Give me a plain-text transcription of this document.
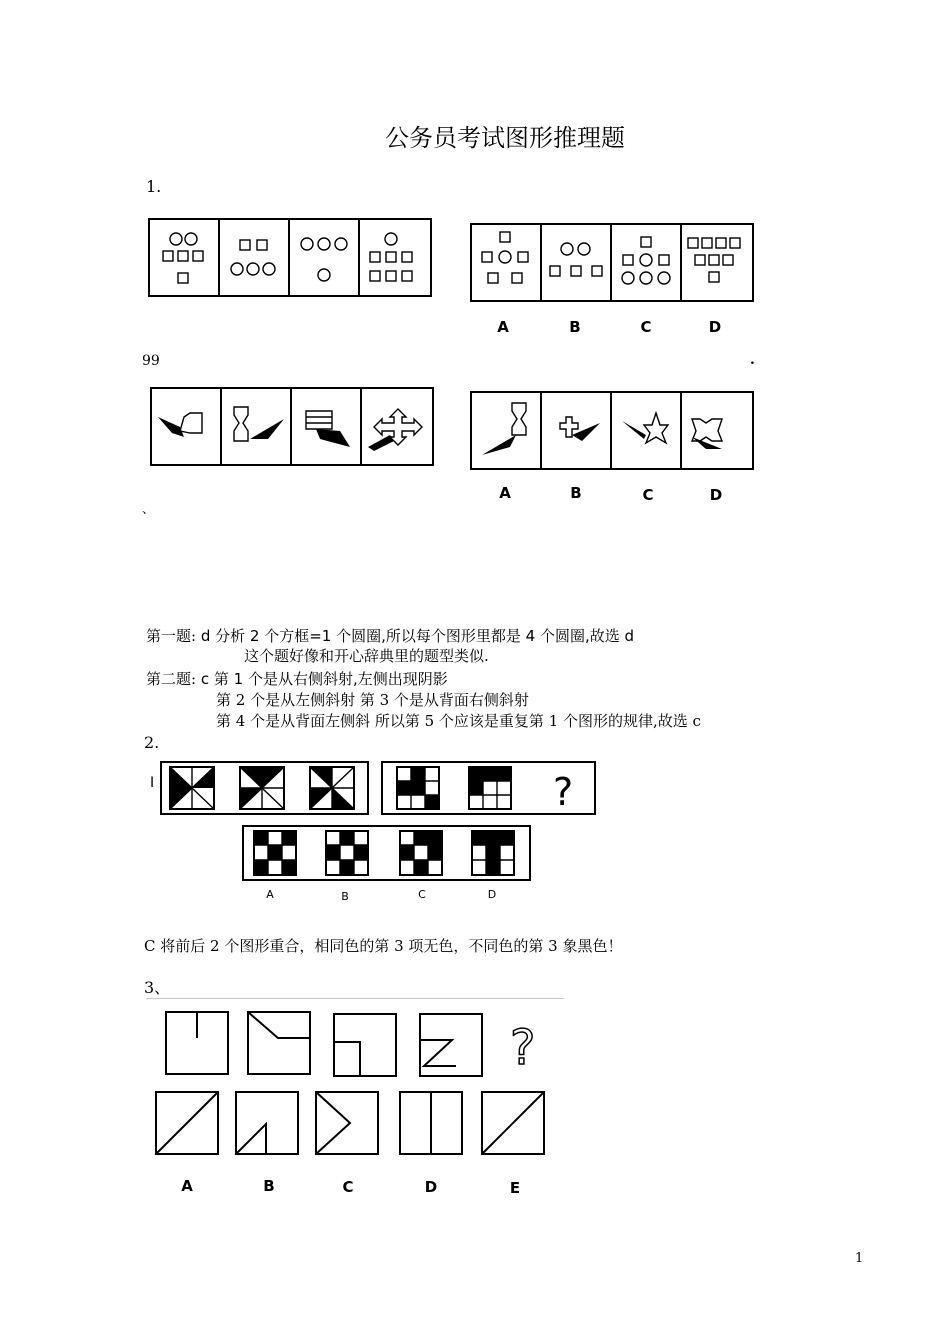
公务员考试图形推理题
1.
A	B	C	D
99	.
A	B	C	D
、
第一题: d 分析 2 个方框=1 个圆圈,所以每个图形里都是 4 个圆圈,故选 d
这个题好像和开心辞典里的题型类似.
第二题: c 第 1 个是从右侧斜射,左侧出现阴影
第 2 个是从左侧斜射 第 3 个是从背面右侧斜射
第 4 个是从背面左侧斜 所以第 5 个应该是重复第 1 个图形的规律,故选 c
2.
I	?
A	B	C	D
C 将前后 2 个图形重合，相同色的第 3 项无色，不同色的第 3 象黑色！
3、
?
A	B	C	D	E
1
